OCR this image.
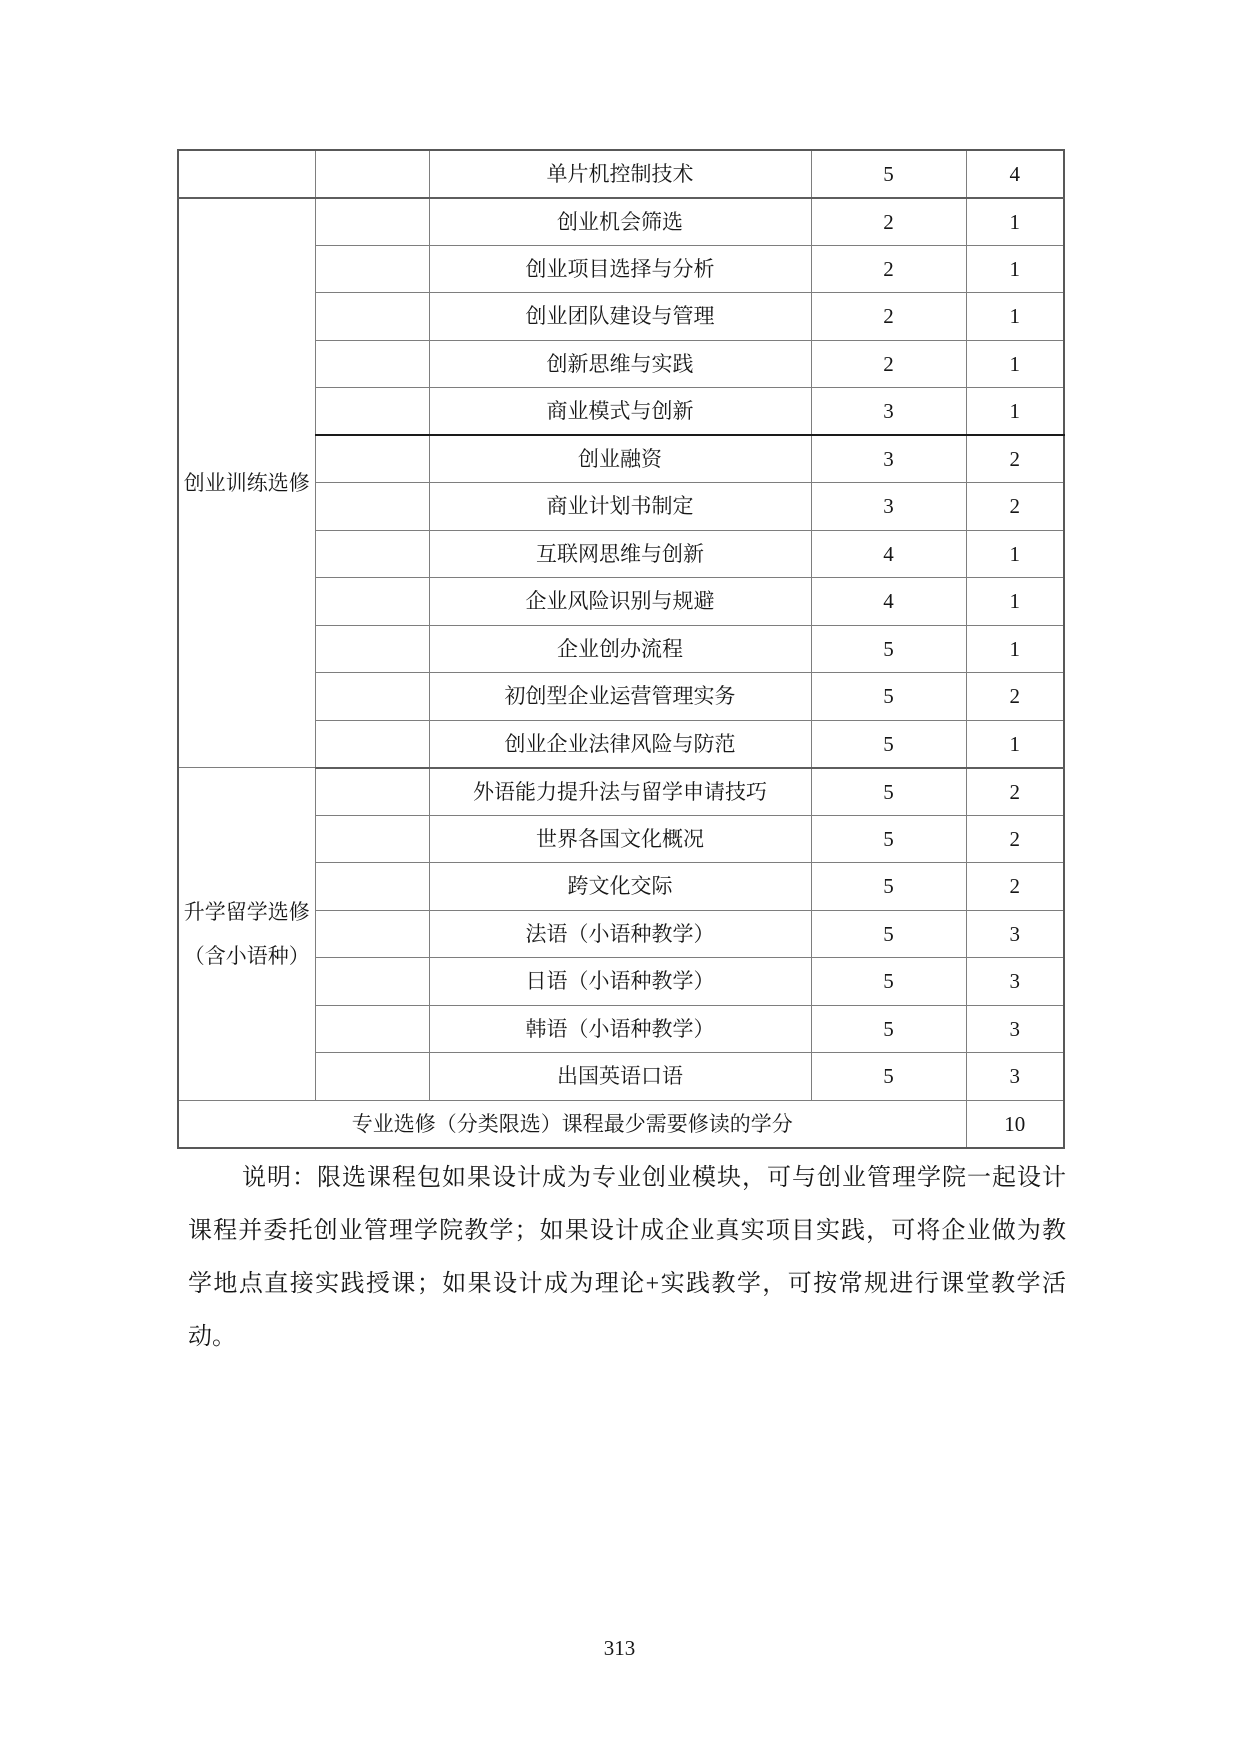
		单片机控制技术	5	4

创业训练选修		创业机会筛选	2	1
		创业项目选择与分析	2	1
		创业团队建设与管理	2	1
		创新思维与实践	2	1
		商业模式与创新	3	1
		创业融资	3	2
		商业计划书制定	3	2
		互联网思维与创新	4	1
		企业风险识别与规避	4	1
		企业创办流程	5	1
		初创型企业运营管理实务	5	2
		创业企业法律风险与防范	5	1

升学留学选修
（含小语种）		外语能力提升法与留学申请技巧	5	2
		世界各国文化概况	5	2
		跨文化交际	5	2
		法语（小语种教学）	5	3
		日语（小语种教学）	5	3
		韩语（小语种教学）	5	3
		出国英语口语	5	3
专业选修（分类限选）课程最少需要修读的学分				10
说明：限选课程包如果设计成为专业创业模块，可与创业管理学院一起设计
课程并委托创业管理学院教学；如果设计成企业真实项目实践，可将企业做为教
学地点直接实践授课；如果设计成为理论+实践教学，可按常规进行课堂教学活
动。
313
